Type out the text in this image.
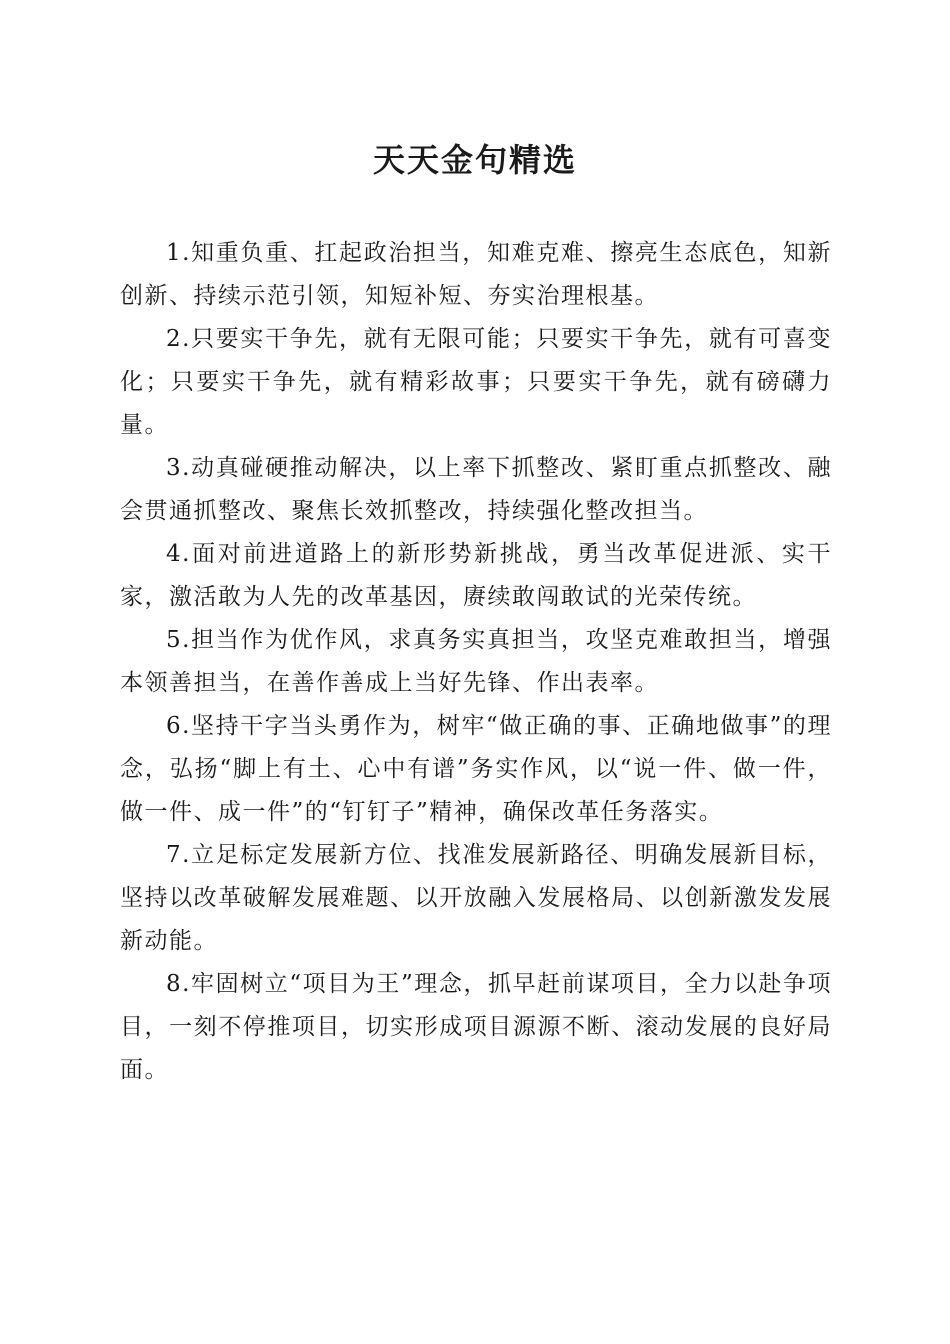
天天金句精选

1.知重负重、扛起政治担当，知难克难、擦亮生态底色，知新创新、持续示范引领，知短补短、夯实治理根基。

2.只要实干争先，就有无限可能；只要实干争先，就有可喜变化；只要实干争先，就有精彩故事；只要实干争先，就有磅礴力量。

3.动真碰硬推动解决，以上率下抓整改、紧盯重点抓整改、融会贯通抓整改、聚焦长效抓整改，持续强化整改担当。

4.面对前进道路上的新形势新挑战，勇当改革促进派、实干家，激活敢为人先的改革基因，赓续敢闯敢试的光荣传统。

5.担当作为优作风，求真务实真担当，攻坚克难敢担当，增强本领善担当，在善作善成上当好先锋、作出表率。

6.坚持干字当头勇作为，树牢“做正确的事、正确地做事”的理念，弘扬“脚上有土、心中有谱”务实作风，以“说一件、做一件，做一件、成一件”的“钉钉子”精神，确保改革任务落实。

7.立足标定发展新方位、找准发展新路径、明确发展新目标，坚持以改革破解发展难题、以开放融入发展格局、以创新激发发展新动能。

8.牢固树立“项目为王”理念，抓早赶前谋项目，全力以赴争项目，一刻不停推项目，切实形成项目源源不断、滚动发展的良好局面。
